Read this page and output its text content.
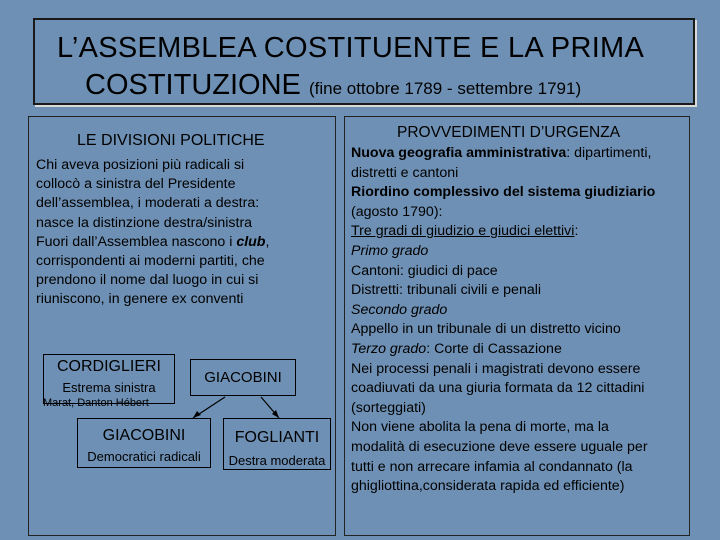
L’ASSEMBLEA COSTITUENTE E LA PRIMA
COSTITUZIONE (fine ottobre 1789 - settembre 1791)
LE DIVISIONI POLITICHE
Chi aveva posizioni più radicali si
collocò a sinistra del Presidente
dell’assemblea, i moderati a destra:
nasce la distinzione destra/sinistra
Fuori dall’Assemblea nascono i club,
corrispondenti ai moderni partiti, che
prendono il nome dal luogo in cui si
riuniscono, in genere ex conventi
CORDIGLIERI
Estrema sinistra
Marat, Danton Hébert
GIACOBINI
GIACOBINI
Democratici radicali
FOGLIANTI
Destra moderata
PROVVEDIMENTI D’URGENZA
Nuova geografia amministrativa: dipartimenti,
distretti e cantoni
Riordino complessivo del sistema giudiziario
(agosto 1790):
Tre gradi di giudizio e giudici elettivi:
Primo grado
Cantoni: giudici di pace
Distretti: tribunali civili e penali
Secondo grado
Appello in un tribunale di un distretto vicino
Terzo grado: Corte di Cassazione
Nei processi penali i magistrati devono essere
coadiuvati da una giuria formata da 12 cittadini
(sorteggiati)
Non viene abolita la pena di morte, ma la
modalità di esecuzione deve essere uguale per
tutti e non arrecare infamia al condannato (la
ghigliottina,considerata rapida ed efficiente)
